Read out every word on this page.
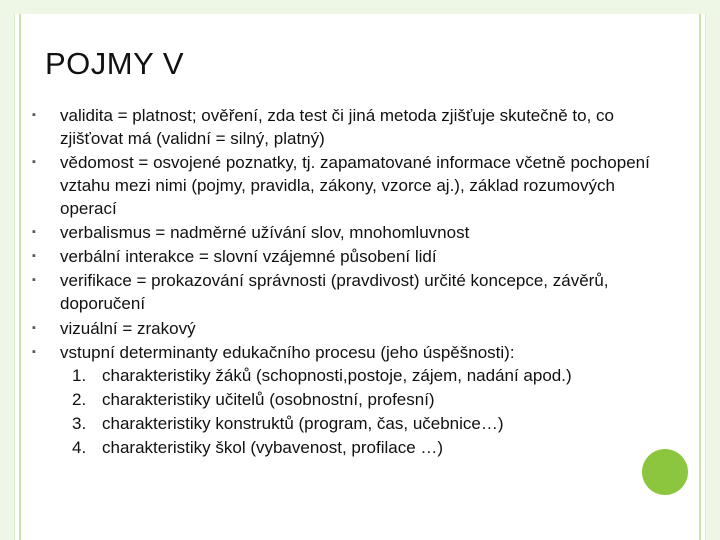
POJMY V
▪ validita = platnost; ověření, zda test či jiná metoda zjišťuje skutečně to, co zjišťovat má (validní = silný, platný)
▪ vědomost = osvojené poznatky, tj. zapamatované informace včetně pochopení vztahu mezi nimi (pojmy, pravidla, zákony, vzorce aj.), základ rozumových operací
▪ verbalismus = nadměrné užívání slov, mnohomluvnost
▪ verbální interakce = slovní vzájemné působení lidí
▪ verifikace = prokazování správnosti (pravdivost) určité koncepce, závěrů, doporučení
▪ vizuální = zrakový
▪ vstupní determinanty edukačního procesu (jeho úspěšnosti):
1. charakteristiky žáků (schopnosti,postoje, zájem, nadání apod.)
2. charakteristiky učitelů (osobnostní, profesní)
3. charakteristiky konstruktů (program, čas, učebnice…)
4. charakteristiky škol (vybavenost, profilace …)
